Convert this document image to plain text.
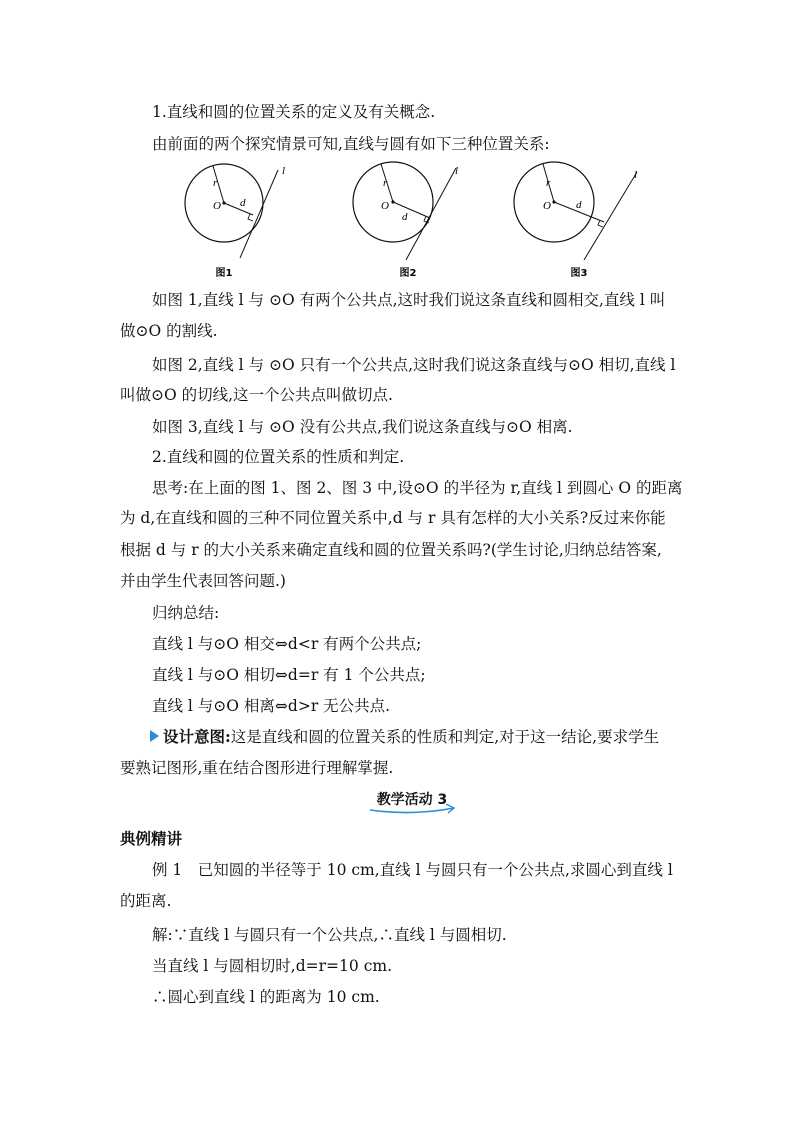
1.直线和圆的位置关系的定义及有关概念.
由前面的两个探究情景可知,直线与圆有如下三种位置关系:
r
O d
l
图1
r
O
d
l
图2
r
O d
l
图3
如图 1,直线 l 与 ⊙O 有两个公共点,这时我们说这条直线和圆相交,直线 l 叫
做⊙O 的割线.
如图 2,直线 l 与 ⊙O 只有一个公共点,这时我们说这条直线与⊙O 相切,直线 l
叫做⊙O 的切线,这一个公共点叫做切点.
如图 3,直线 l 与 ⊙O 没有公共点,我们说这条直线与⊙O 相离.
2.直线和圆的位置关系的性质和判定.
思考:在上面的图 1、图 2、图 3 中,设⊙O 的半径为 r,直线 l 到圆心 O 的距离
为 d,在直线和圆的三种不同位置关系中,d 与 r 具有怎样的大小关系?反过来你能
根据 d 与 r 的大小关系来确定直线和圆的位置关系吗?(学生讨论,归纳总结答案,
并由学生代表回答问题.)
归纳总结:
直线 l 与⊙O 相交⇔d<r 有两个公共点;
直线 l 与⊙O 相切⇔d=r 有 1 个公共点;
直线 l 与⊙O 相离⇔d>r 无公共点.
设计意图:这是直线和圆的位置关系的性质和判定,对于这一结论,要求学生
要熟记图形,重在结合图形进行理解掌握.
教学活动 3
典例精讲
例 1　已知圆的半径等于 10 cm,直线 l 与圆只有一个公共点,求圆心到直线 l
的距离.
解:∵直线 l 与圆只有一个公共点,∴直线 l 与圆相切.
当直线 l 与圆相切时,d=r=10 cm.
∴圆心到直线 l 的距离为 10 cm.
